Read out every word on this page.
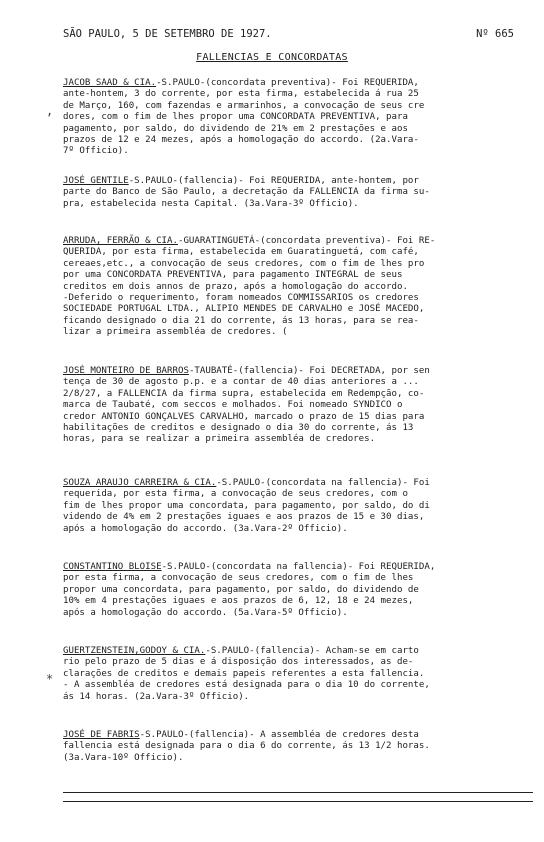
SÃO PAULO, 5 DE SETEMBRO DE 1927.	Nº 665
FALLENCIAS E CONCORDATAS
,
*
JACOB SAAD & CIA.-S.PAULO-(concordata preventiva)- Foi REQUERIDA,
ante-hontem, 3 do corrente, por esta firma, estabelecida á rua 25
de Março, 160, com fazendas e armarinhos, a convocação de seus cre
dores, com o fim de lhes propor uma CONCORDATA PREVENTIVA, para
pagamento, por saldo, do dividendo de 21% em 2 prestações e aos
prazos de 12 e 24 mezes, após a homologação do accordo. (2a.Vara-
7º Officio).
JOSÉ GENTILE-S.PAULO-(fallencia)- Foi REQUERIDA, ante-hontem, por
parte do Banco de São Paulo, a decretação da FALLENCIA da firma su-
pra, estabelecida nesta Capital. (3a.Vara-3º Officio).
ARRUDA, FERRÃO & CIA.-GUARATINGUETÁ-(concordata preventiva)- Foi RE-
QUERIDA, por esta firma, estabelecida em Guaratinguetá, com café,
cereaes,etc., a convocação de seus credores, com o fim de lhes pro
por uma CONCORDATA PREVENTIVA, para pagamento INTEGRAL de seus
creditos em dois annos de prazo, após a homologação do accordo.
-Deferido o requerimento, foram nomeados COMMISSARIOS os credores
SOCIEDADE PORTUGAL LTDA., ALIPIO MENDES DE CARVALHO e JOSÉ MACEDO,
ficando designado o dia 21 do corrente, ás 13 horas, para se rea-
lizar a primeira assembléa de credores. (
JOSÉ MONTEIRO DE BARROS-TAUBATÉ-(fallencia)- Foi DECRETADA, por sen
tença de 30 de agosto p.p. e a contar de 40 dias anteriores a ...
2/8/27, a FALLENCIA da firma supra, estabelecida em Redempção, co-
marca de Taubaté, com seccos e molhados. Foi nomeado SYNDICO o
credor ANTONIO GONÇALVES CARVALHO, marcado o prazo de 15 dias para
habilitações de creditos e designado o dia 30 do corrente, ás 13
horas, para se realizar a primeira assembléa de credores.
SOUZA ARAUJO CARREIRA & CIA.-S.PAULO-(concordata na fallencia)- Foi
requerida, por esta firma, a convocação de seus credores, com o
fim de lhes propor uma concordata, para pagamento, por saldo, do di
videndo de 4% em 2 prestações iguaes e aos prazos de 15 e 30 dias,
após a homologação do accordo. (3a.Vara-2º Officio).
CONSTANTINO BLOISE-S.PAULO-(concordata na fallencia)- Foi REQUERIDA,
por esta firma, a convocação de seus credores, com o fim de lhes
propor uma concordata, para pagamento, por saldo, do dividendo de
10% em 4 prestações iguaes e aos prazos de 6, 12, 18 e 24 mezes,
após a homologação do accordo. (5a.Vara-5º Officio).
GUERTZENSTEIN,GODOY & CIA.-S.PAULO-(fallencia)- Acham-se em carto
rio pelo prazo de 5 dias e á disposição dos interessados, as de-
clarações de creditos e demais papeis referentes a esta fallencia.
- A assembléa de credores está designada para o dia 10 do corrente,
ás 14 horas. (2a.Vara-3º Officio).
JOSÉ DE FABRIS-S.PAULO-(fallencia)- A assembléa de credores desta
fallencia está designada para o dia 6 do corrente, ás 13 1/2 horas.
(3a.Vara-10º Officio).
